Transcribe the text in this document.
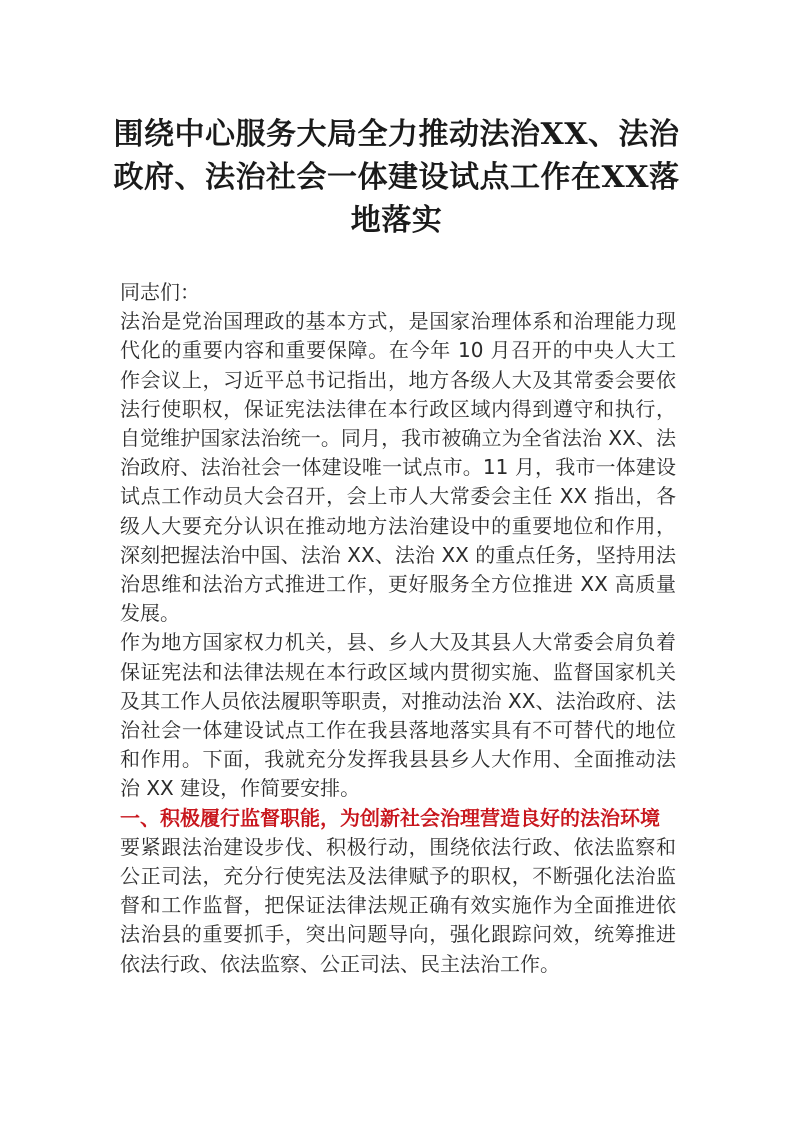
围绕中心服务大局全力推动法治XX、法治政府、法治社会一体建设试点工作在XX落地落实

同志们：

法治是党治国理政的基本方式，是国家治理体系和治理能力现代化的重要内容和重要保障。在今年 10 月召开的中央人大工作会议上，习近平总书记指出，地方各级人大及其常委会要依法行使职权，保证宪法法律在本行政区域内得到遵守和执行，自觉维护国家法治统一。同月，我市被确立为全省法治 XX、法治政府、法治社会一体建设唯一试点市。11 月，我市一体建设试点工作动员大会召开，会上市人大常委会主任 XX 指出，各级人大要充分认识在推动地方法治建设中的重要地位和作用，深刻把握法治中国、法治 XX、法治 XX 的重点任务，坚持用法治思维和法治方式推进工作，更好服务全方位推进 XX 高质量发展。

作为地方国家权力机关，县、乡人大及其县人大常委会肩负着保证宪法和法律法规在本行政区域内贯彻实施、监督国家机关及其工作人员依法履职等职责，对推动法治 XX、法治政府、法治社会一体建设试点工作在我县落地落实具有不可替代的地位和作用。下面，我就充分发挥我县县乡人大作用、全面推动法治 XX 建设，作简要安排。

一、积极履行监督职能，为创新社会治理营造良好的法治环境

要紧跟法治建设步伐、积极行动，围绕依法行政、依法监察和公正司法，充分行使宪法及法律赋予的职权，不断强化法治监督和工作监督，把保证法律法规正确有效实施作为全面推进依法治县的重要抓手，突出问题导向，强化跟踪问效，统筹推进依法行政、依法监察、公正司法、民主法治工作。
